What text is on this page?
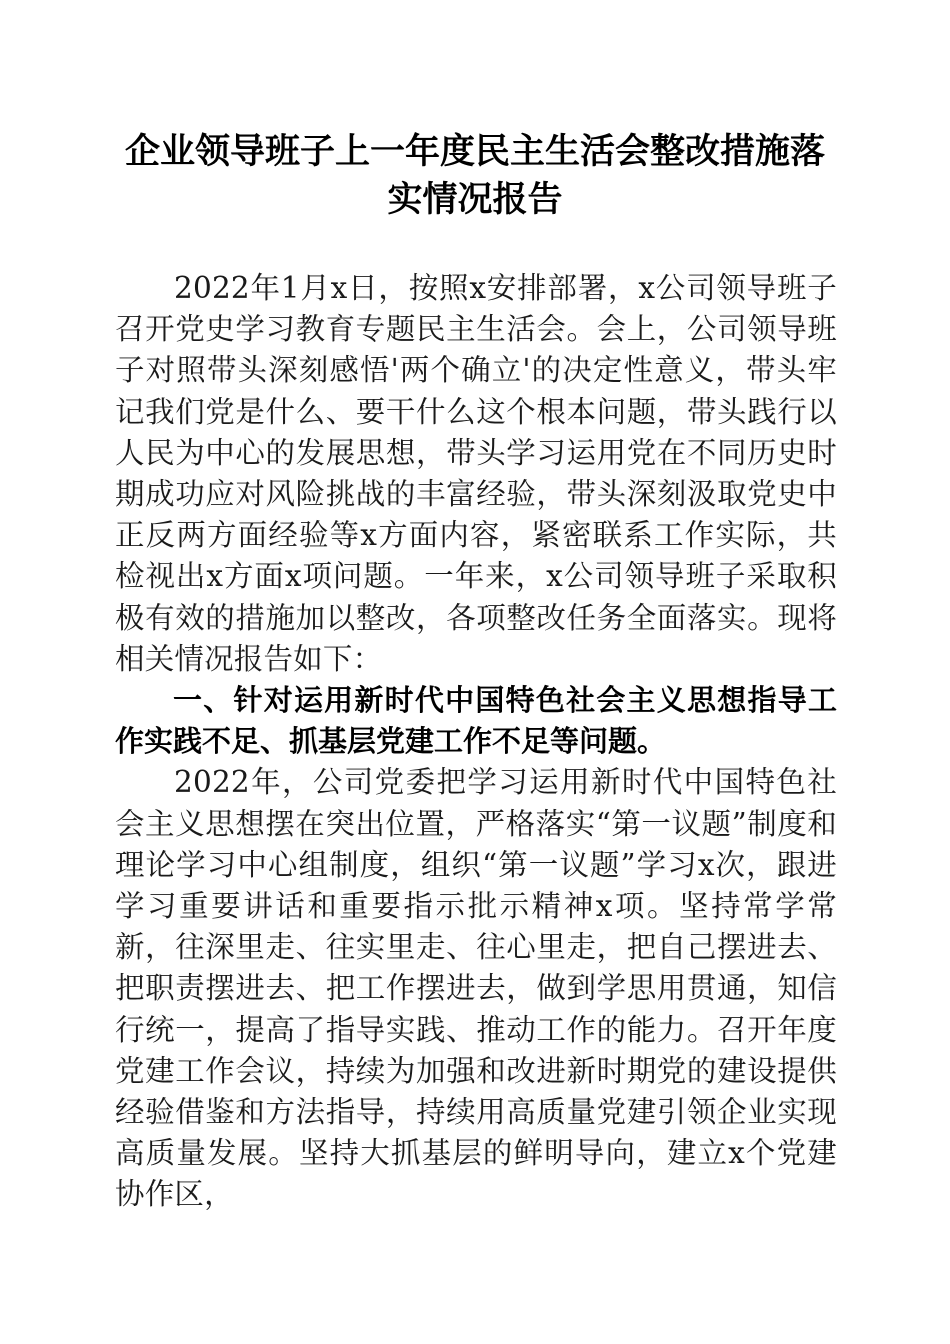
企业领导班子上一年度民主生活会整改措施落实情况报告

2022年1月x日，按照x安排部署，x公司领导班子召开党史学习教育专题民主生活会。会上，公司领导班子对照带头深刻感悟'两个确立'的决定性意义，带头牢记我们党是什么、要干什么这个根本问题，带头践行以人民为中心的发展思想，带头学习运用党在不同历史时期成功应对风险挑战的丰富经验，带头深刻汲取党史中正反两方面经验等x方面内容，紧密联系工作实际，共检视出x方面x项问题。一年来，x公司领导班子采取积极有效的措施加以整改，各项整改任务全面落实。现将相关情况报告如下：

一、针对运用新时代中国特色社会主义思想指导工作实践不足、抓基层党建工作不足等问题。

2022年，公司党委把学习运用新时代中国特色社会主义思想摆在突出位置，严格落实“第一议题”制度和理论学习中心组制度，组织“第一议题”学习x次，跟进学习重要讲话和重要指示批示精神x项。坚持常学常新，往深里走、往实里走、往心里走，把自己摆进去、把职责摆进去、把工作摆进去，做到学思用贯通，知信行统一，提高了指导实践、推动工作的能力。召开年度党建工作会议，持续为加强和改进新时期党的建设提供经验借鉴和方法指导，持续用高质量党建引领企业实现高质量发展。坚持大抓基层的鲜明导向，建立x个党建协作区，
